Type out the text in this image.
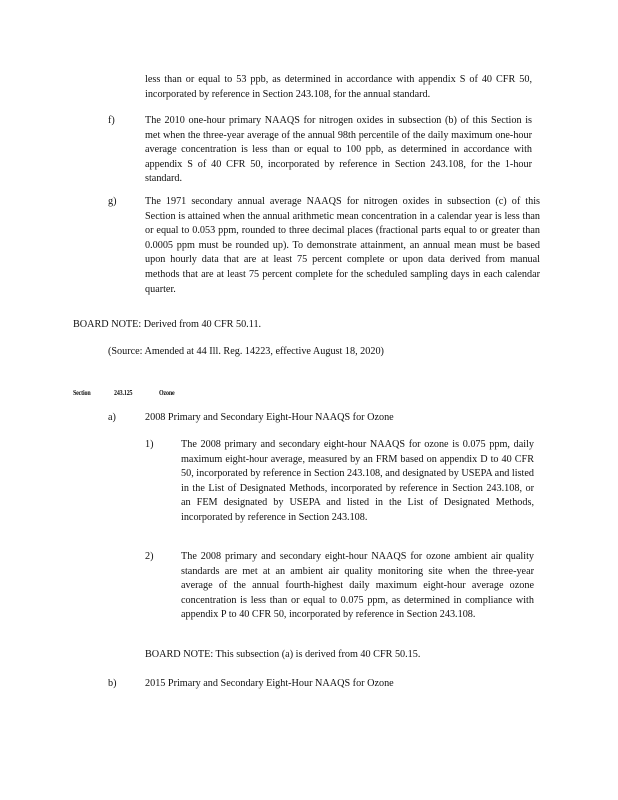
less than or equal to 53 ppb, as determined in accordance with appendix S of 40 CFR 50, incorporated by reference in Section 243.108, for the annual standard.

f)	The 2010 one-hour primary NAAQS for nitrogen oxides in subsection (b) of this Section is met when the three-year average of the annual 98th percentile of the daily maximum one-hour average concentration is less than or equal to 100 ppb, as determined in accordance with appendix S of 40 CFR 50, incorporated by reference in Section 243.108, for the 1-hour standard.

g)	The 1971 secondary annual average NAAQS for nitrogen oxides in subsection (c) of this Section is attained when the annual arithmetic mean concentration in a calendar year is less than or equal to 0.053 ppm, rounded to three decimal places (fractional parts equal to or greater than 0.0005 ppm must be rounded up). To demonstrate attainment, an annual mean must be based upon hourly data that are at least 75 percent complete or upon data derived from manual methods that are at least 75 percent complete for the scheduled sampling days in each calendar quarter.

BOARD NOTE: Derived from 40 CFR 50.11.

(Source: Amended at 44 Ill. Reg. 14223, effective August 18, 2020)

Section	243.125	Ozone
a)	2008 Primary and Secondary Eight-Hour NAAQS for Ozone

1)	The 2008 primary and secondary eight-hour NAAQS for ozone is 0.075 ppm, daily maximum eight-hour average, measured by an FRM based on appendix D to 40 CFR 50, incorporated by reference in Section 243.108, and designated by USEPA and listed in the List of Designated Methods, incorporated by reference in Section 243.108, or an FEM designated by USEPA and listed in the List of Designated Methods, incorporated by reference in Section 243.108.

2)	The 2008 primary and secondary eight-hour NAAQS for ozone ambient air quality standards are met at an ambient air quality monitoring site when the three-year average of the annual fourth-highest daily maximum eight-hour average ozone concentration is less than or equal to 0.075 ppm, as determined in compliance with appendix P to 40 CFR 50, incorporated by reference in Section 243.108.

BOARD NOTE: This subsection (a) is derived from 40 CFR 50.15.

b)	2015 Primary and Secondary Eight-Hour NAAQS for Ozone
